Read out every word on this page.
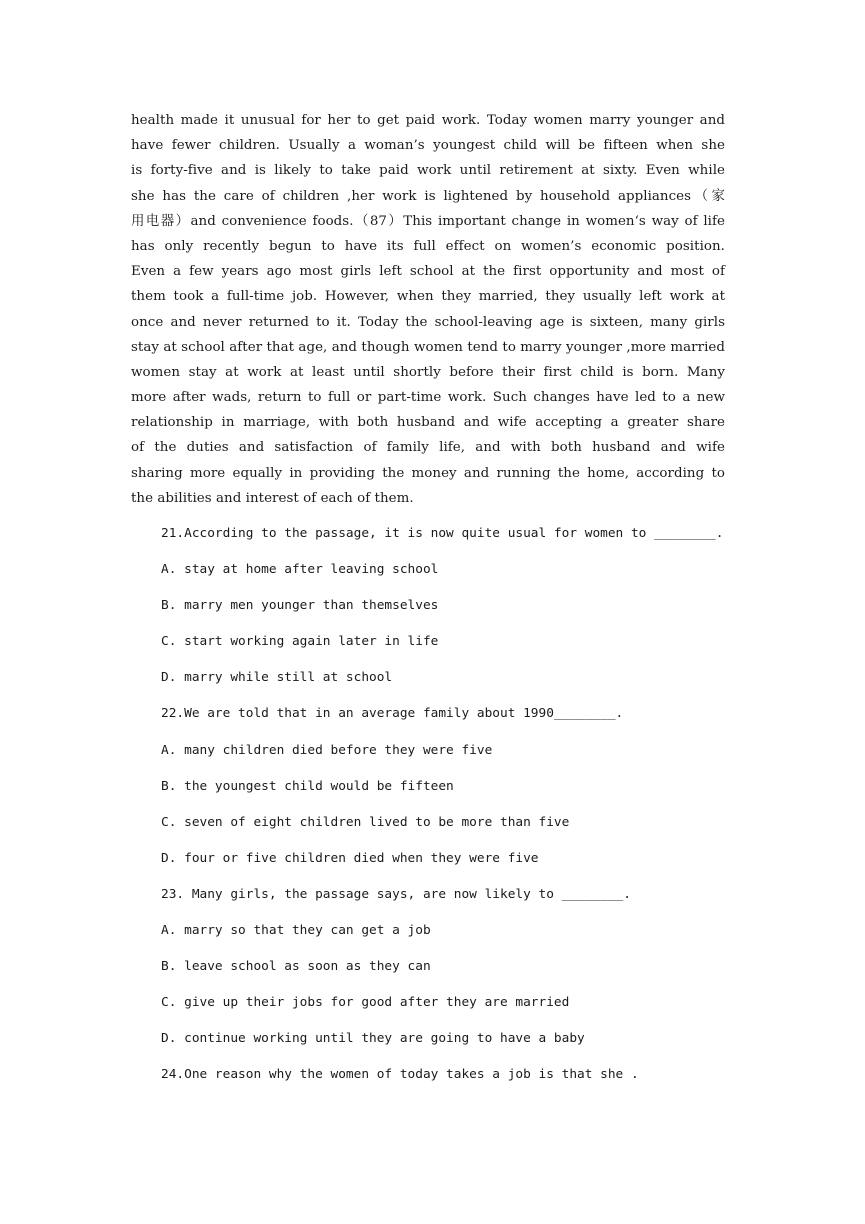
health made it unusual for her to get paid work. Today women marry younger and
have fewer children. Usually a woman’s youngest child will be fifteen when she
is forty-five and is likely to take paid work until retirement at sixty. Even while
she has the care of children ,her work is lightened by household appliances（家
用电器）and convenience foods.（87）This important change in women‘s way of life
has only recently begun to have its full effect on women’s economic position.
Even a few years ago most girls left school at the first opportunity and most of
them took a full-time job. However, when they married, they usually left work at
once and never returned to it. Today the school-leaving age is sixteen, many girls
stay at school after that age, and though women tend to marry younger ,more married
women stay at work at least until shortly before their first child is born. Many
more after wads, return to full or part-time work. Such changes have led to a new
relationship in marriage, with both husband and wife accepting a greater share
of the duties and satisfaction of family life, and with both husband and wife
sharing more equally in providing the money and running the home, according to
the abilities and interest of each of them.
21.According to the passage, it is now quite usual for women to ________.
A. stay at home after leaving school
B. marry men younger than themselves
C. start working again later in life
D. marry while still at school
22.We are told that in an average family about 1990________.
A. many children died before they were five
B. the youngest child would be fifteen
C. seven of eight children lived to be more than five
D. four or five children died when they were five
23. Many girls, the passage says, are now likely to ________.
A. marry so that they can get a job
B. leave school as soon as they can
C. give up their jobs for good after they are married
D. continue working until they are going to have a baby
24.One reason why the women of today takes a job is that she .
